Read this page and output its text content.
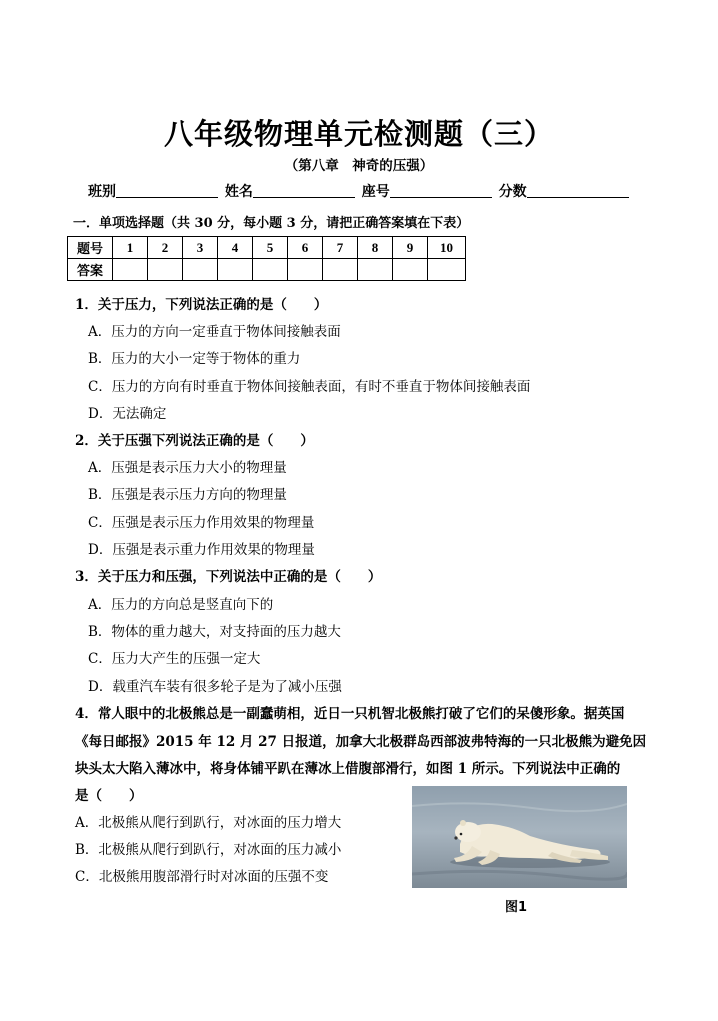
八年级物理单元检测题（三）
（第八章　神奇的压强）
班别	姓名	座号	分数
一．单项选择题（共 30 分，每小题 3 分，请把正确答案填在下表）
题号	1	2	3	4	5	6	7	8	9	10
答案										
1．关于压力，下列说法正确的是（　　）
A．压力的方向一定垂直于物体间接触表面
B．压力的大小一定等于物体的重力
C．压力的方向有时垂直于物体间接触表面，有时不垂直于物体间接触表面
D．无法确定
2．关于压强下列说法正确的是（　　）
A．压强是表示压力大小的物理量
B．压强是表示压力方向的物理量
C．压强是表示压力作用效果的物理量
D．压强是表示重力作用效果的物理量
3．关于压力和压强，下列说法中正确的是（　　）
A．压力的方向总是竖直向下的
B．物体的重力越大，对支持面的压力越大
C．压力大产生的压强一定大
D．载重汽车装有很多轮子是为了减小压强
4．常人眼中的北极熊总是一副蠢萌相，近日一只机智北极熊打破了它们的呆傻形象。据英国
《每日邮报》2015 年 12 月 27 日报道，加拿大北极群岛西部波弗特海的一只北极熊为避免因
块头太大陷入薄冰中，将身体铺平趴在薄冰上借腹部滑行，如图 1 所示。下列说法中正确的
是（　　）
A．北极熊从爬行到趴行，对冰面的压力增大
B．北极熊从爬行到趴行，对冰面的压力减小
C．北极熊用腹部滑行时对冰面的压强不变
图1
